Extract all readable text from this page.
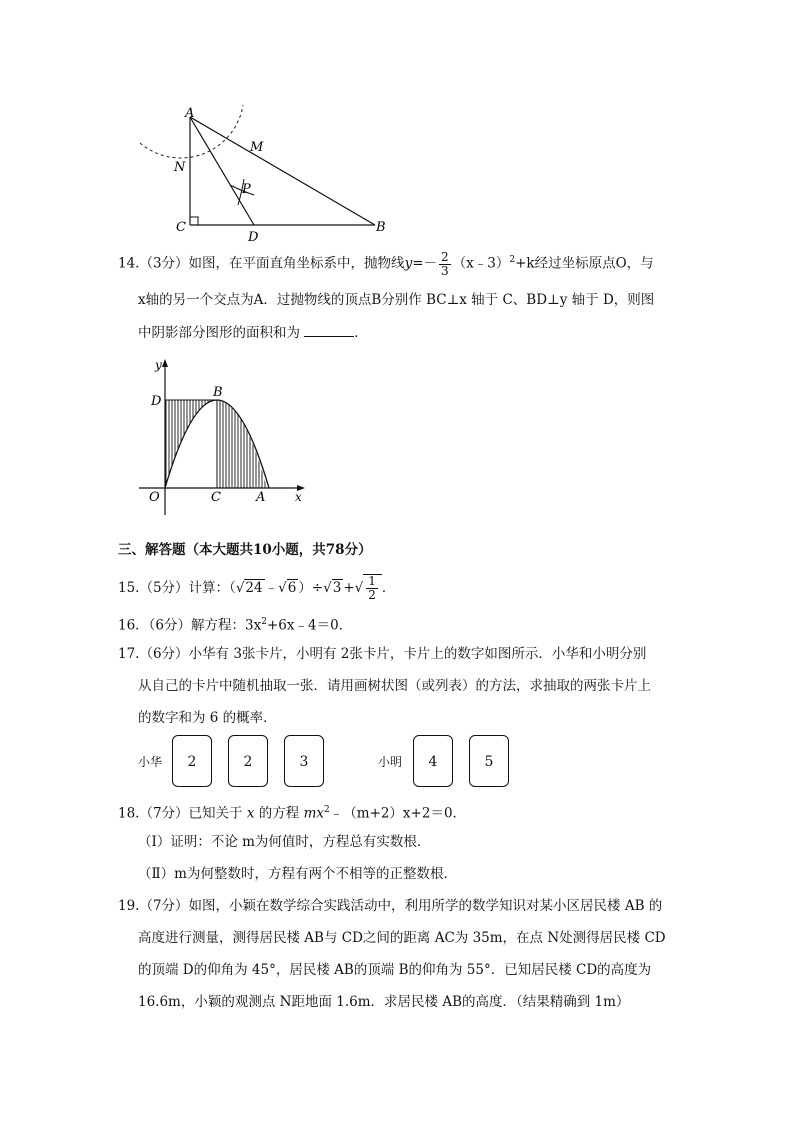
A
M
N
P
C
D
B
14.（3分）如图，在平面直角坐标系中，抛物线$y=- \frac{2}{3}$ （x﹣3）$^2$+k经过坐标原点O，与
x轴的另一个交点为A．过抛物线的顶点B分别作 BC⊥x 轴于 C、BD⊥y 轴于 D，则图
中阴影部分图形的面积和为	．
y
x
B
D
O	C	A
三、解答题（本大题共10小题，共78分）
15.（5分）计算：（√24 ﹣√6 ）÷√3 +√ $\frac{1}{2}$ ．
16．（6分）解方程：$3x^2+6x﹣4=0$．
17.（6分）小华有 3张卡片，小明有 2张卡片，卡片上的数字如图所示．小华和小明分别
从自己的卡片中随机抽取一张．请用画树状图（或列表）的方法，求抽取的两张卡片上
的数字和为 6 的概率．
小华	2	2	3	小明	4	5
18.（7分）已知关于 x 的方程 $mx^2﹣(m+2)x+2=0$．
（Ⅰ）证明：不论 m为何值时，方程总有实数根．
（Ⅱ）m为何整数时，方程有两个不相等的正整数根．
19.（7分）如图，小颖在数学综合实践活动中，利用所学的数学知识对某小区居民楼 AB 的
高度进行测量，测得居民楼 AB与 CD之间的距离 AC为 35m，在点 N处测得居民楼 CD
的顶端 D的仰角为 45°，居民楼 AB的顶端 B的仰角为 55°．已知居民楼 CD的高度为
16.6m，小颖的观测点 N距地面 1.6m．求居民楼 AB的高度．（结果精确到 1m）
